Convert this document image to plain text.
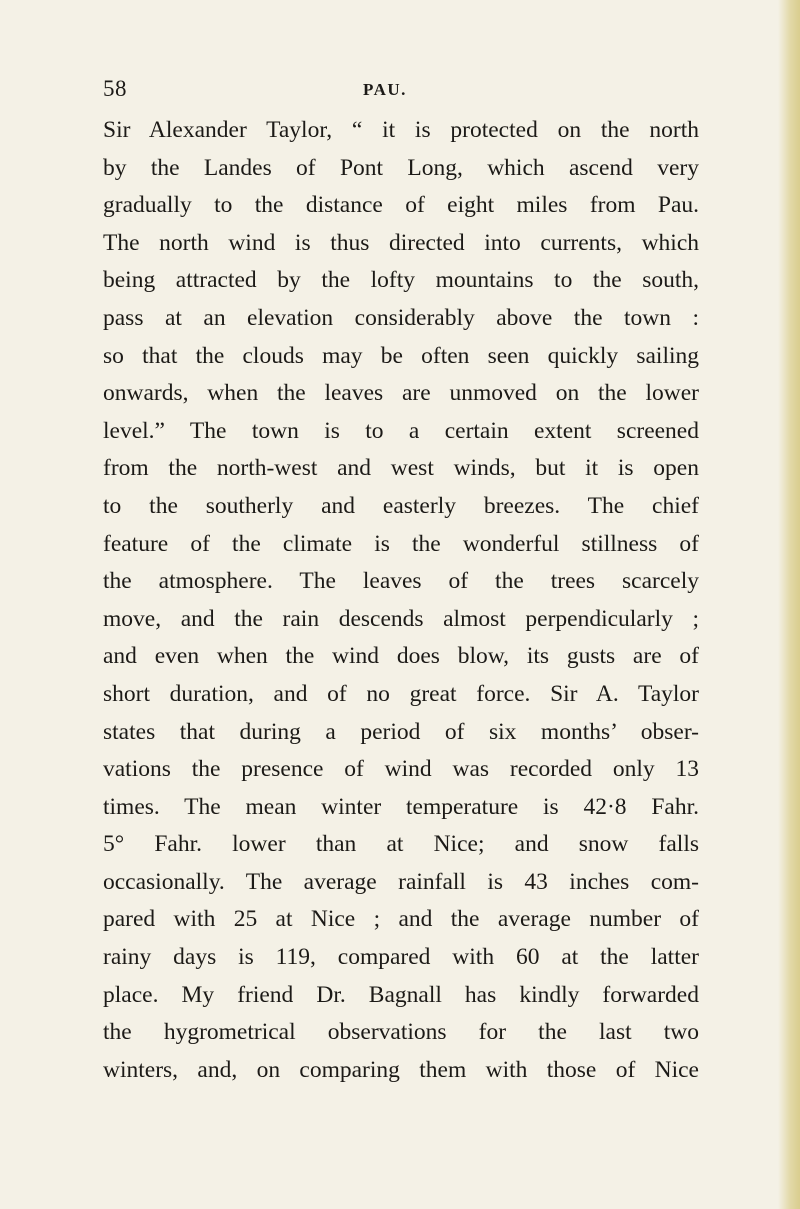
58	PAU.
Sir Alexander Taylor, “ it is protected on the north
by the Landes of Pont Long, which ascend very
gradually to the distance of eight miles from Pau.
The north wind is thus directed into currents, which
being attracted by the lofty mountains to the south,
pass at an elevation considerably above the town :
so that the clouds may be often seen quickly sailing
onwards, when the leaves are unmoved on the lower
level.” The town is to a certain extent screened
from the north-west and west winds, but it is open
to the southerly and easterly breezes. The chief
feature of the climate is the wonderful stillness of
the atmosphere. The leaves of the trees scarcely
move, and the rain descends almost perpendicularly ;
and even when the wind does blow, its gusts are of
short duration, and of no great force. Sir A. Taylor
states that during a period of six months’ obser-
vations the presence of wind was recorded only 13
times. The mean winter temperature is 42·8 Fahr.
5° Fahr. lower than at Nice; and snow falls
occasionally. The average rainfall is 43 inches com-
pared with 25 at Nice ; and the average number of
rainy days is 119, compared with 60 at the latter
place. My friend Dr. Bagnall has kindly forwarded
the hygrometrical observations for the last two
winters, and, on comparing them with those of Nice
